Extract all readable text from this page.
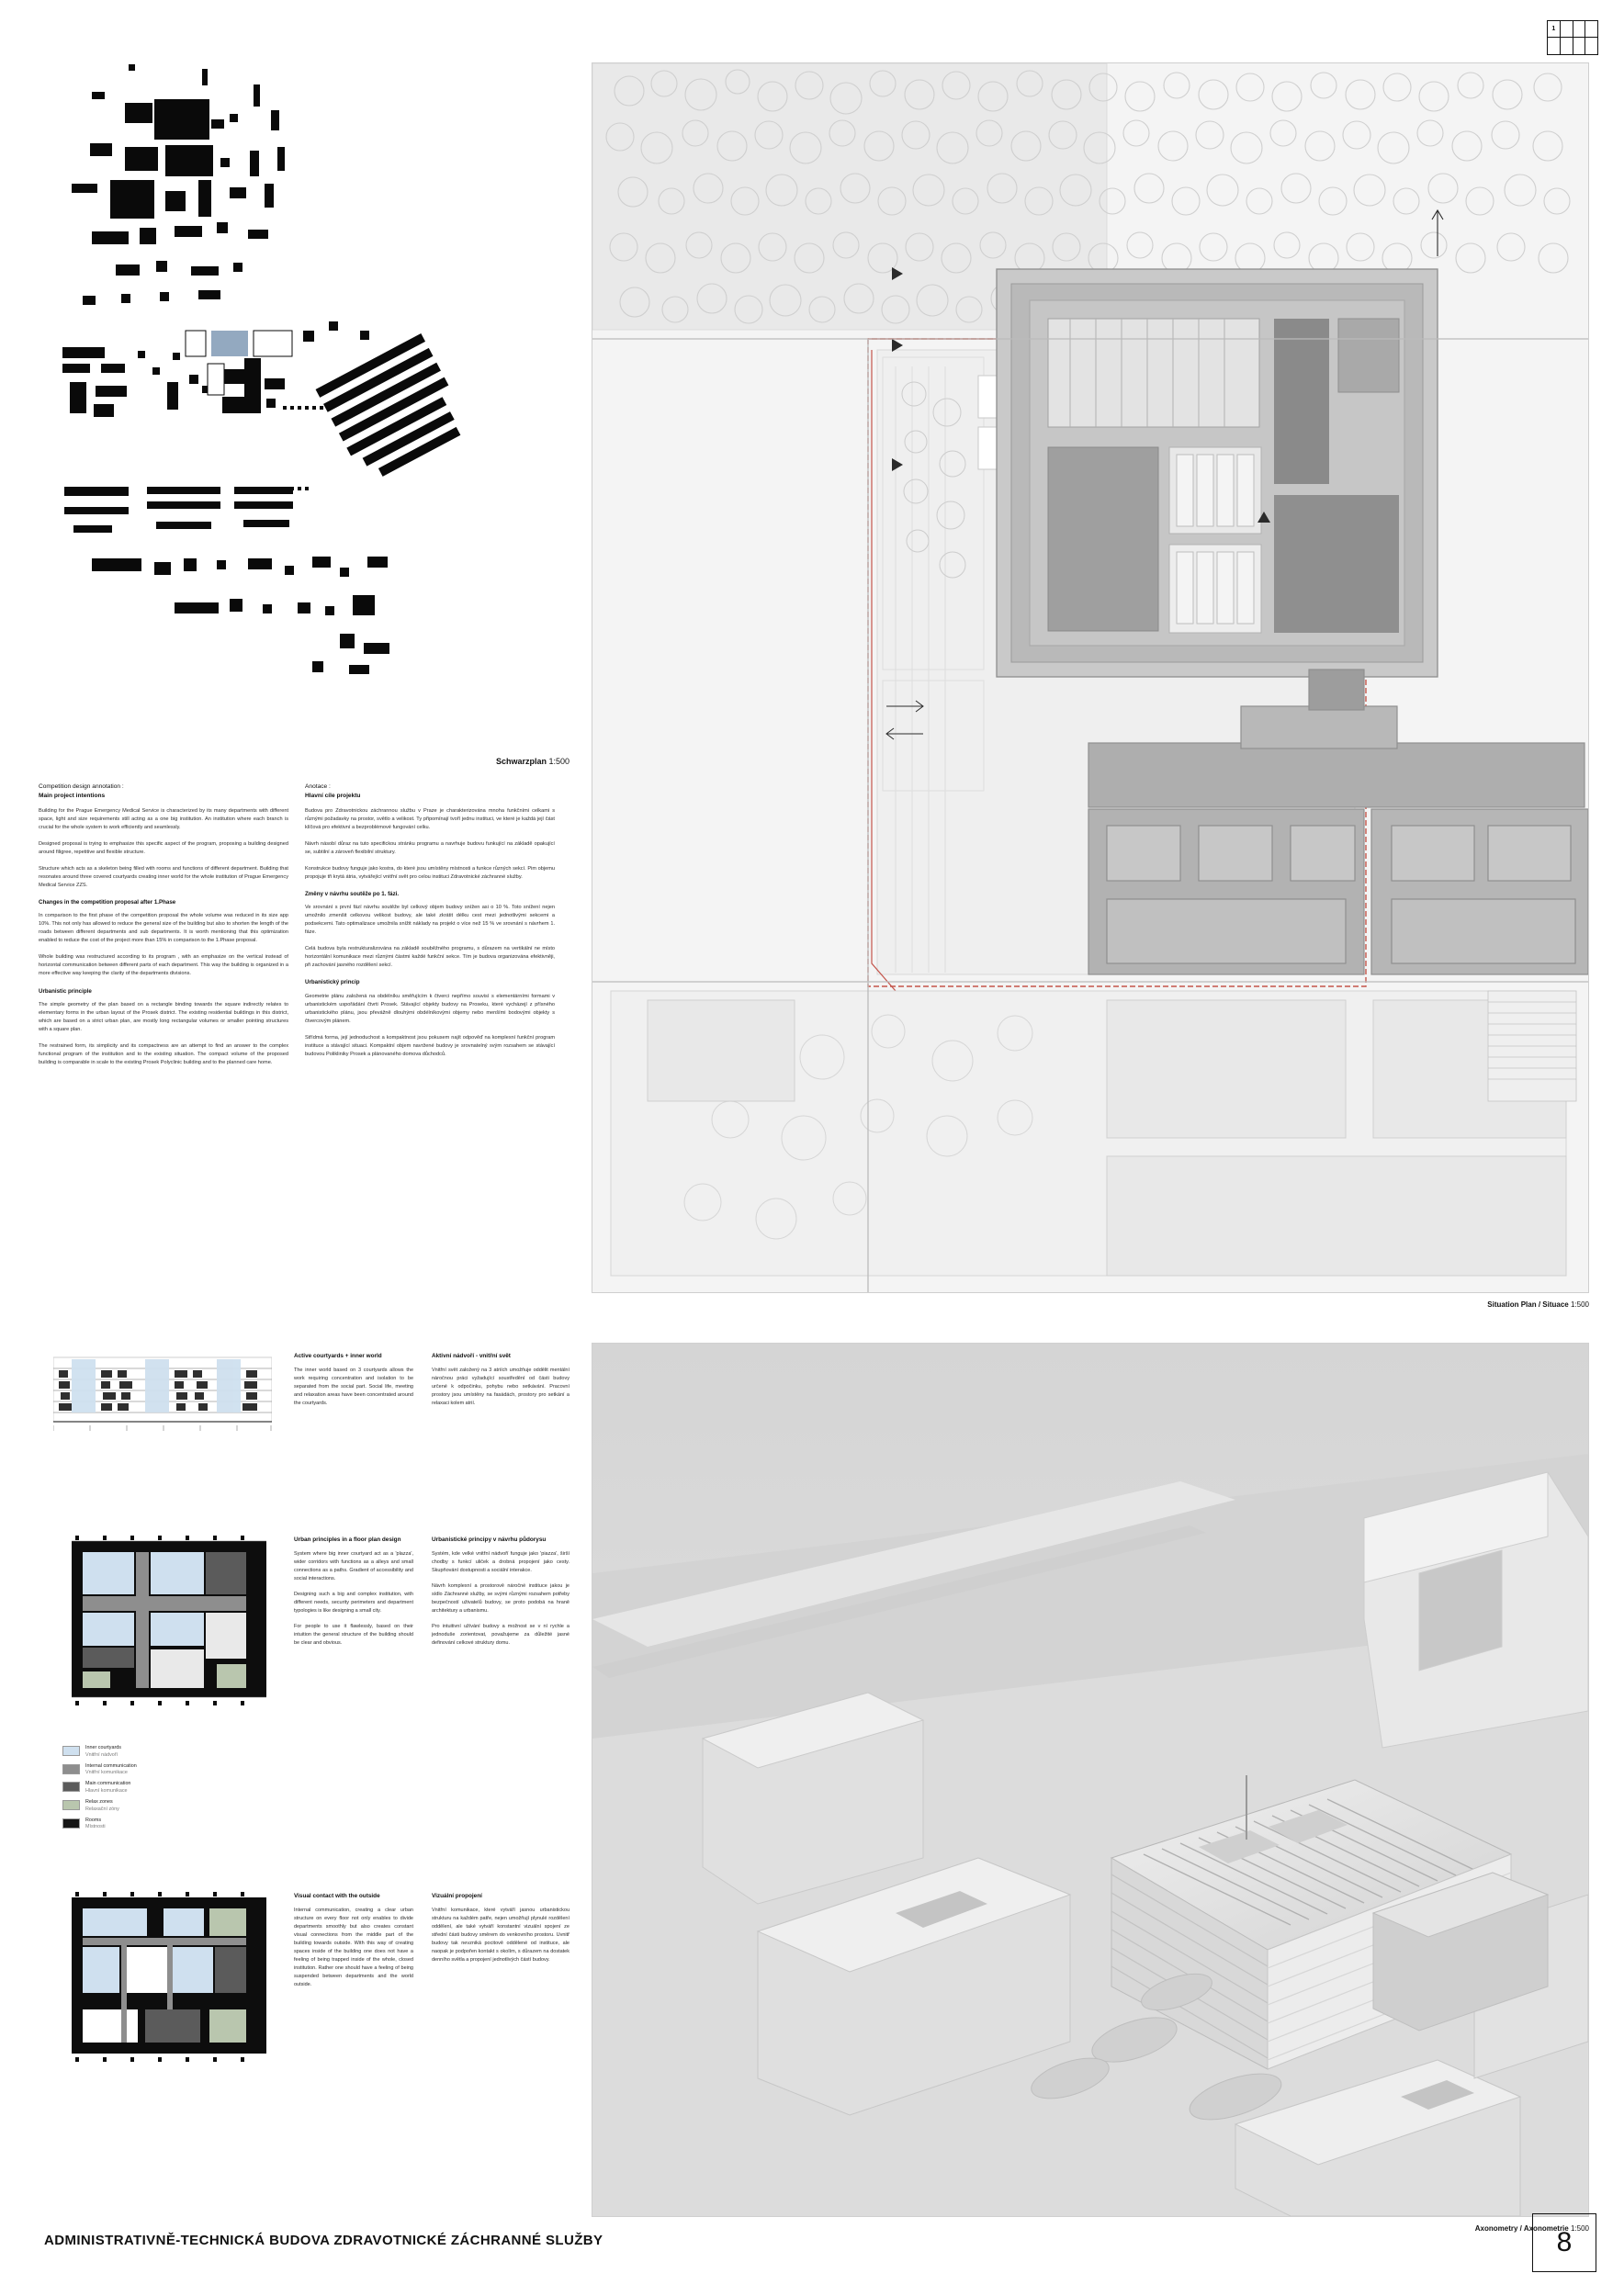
1
Schwarzplan 1:500
Competition design annotation :
Main project intentions

Building for the Prague Emergency Medical Service is characterized by its many departments with different space, light and size requirements still acting as a one big institution. An institution where each branch is crucial for the whole system to work efficiently and seamlessly.

Designed proposal is trying to emphasize this specific aspect of the program, proposing a building designed around filigree, repetitive and flexible structure.

Structure which acts as a skeleton being filled with rooms and functions of different department. Building that resonates around three covered courtyards creating inner world for the whole institution of Prague Emergency Medical Service ZZS.

Changes in the competition proposal after 1.Phase

In comparison to the first phase of the competition proposal the whole volume was reduced in its size app 10%. This not only has allowed to reduce the general size of the building but also to shorten the length of the roads between different departments and sub departments. It is worth mentioning that this optimization enabled to reduce the cost of the project more than 15% in comparison to the 1.Phase proposal.

Whole building was restructured according to its program , with an emphasize on the vertical instead of horizontal communication between different parts of each department. This way the building is organized in a more effective way keeping the clarity of the departments divisions.

Urbanistic principle

The simple geometry of the plan based on a rectangle binding towards the square indirectly relates to elementary forms in the urban layout of the Prosek district. The existing residential buildings in this district, which are based on a strict urban plan, are mostly long rectangular volumes or smaller pointing structures with a square plan.

The restrained form, its simplicity and its compactness are an attempt to find an answer to the complex functional program of the institution and to the existing situation. The compact volume of the proposed building is comparable in scale to the existing Prosek Polyclinic building and to the planned care home.

Anotace :
Hlavní cíle projektu

Budova pro Zdravotnickou záchrannou službu v Praze je charakterizována mnoha funkčními celkami s různými požadavky na prostor, světlo a velikost. Ty připomínají tvoří jednu instituci, ve které je každá její část klíčová pro efektivní a bezproblémové fungování celku.

Návrh násobí důraz na tuto specifickou stránku programu a navrhuje budovu funkující na základě opakující se, subtilní a zároveň flexibilní struktury.

Konstrukce budovy funguje jako kostra, do které jsou umístěny místnosti a funkce různých sekcí. Pim objemu propojuje tři krytá átria, vytvářející vnitřní svět pro celou instituci Zdravotnické záchranné služby.

Změny v návrhu soutěže po 1. fázi.

Ve srovnání s první fází návrhu soutěže byl celkový objem budovy snížen asi o 10 %. Toto snížení nejen umožnilo zmenšit celkovou velikost budovy, ale také zkrátit délku cest mezi jednotlivými sekcemi a podsekcemi. Tato optimalizace umožnila snížit náklady na projekt o více než 15 % ve srovnání s návrhem 1. fáze.

Celá budova byla restrukturalizována na základě souběžného programu, s důrazem na vertikální ne místo horizontální komunikace mezi různými částmi každé funkční sekce. Tím je budova organizována efektivněji, při zachování jasného rozdělení sekcí.

Urbanistický princip

Geometrie plánu založená na obdélníku směřujícím k čtverci nepřímo souvisí s elementárními formami v urbanistickém uspořádání čtvrti Prosek. Stávající objekty budovy na Proseku, které vycházejí z přísného urbanistického plánu, jsou převážně dlouhými obdélníkovými objemy nebo menšími bodovými objekty s čtvercovým plánem.

Střídmá forma, její jednoduchost a kompaktnost jsou pokusem najít odpověď na komplexní funkční program instituce a stávající situaci. Kompaktní objem navržené budovy je srovnatelný svým rozsahem se stávající budovou Polikliniky Prosek a plánovaného domova důchodců.

Situation Plan / Situace 1:500

Active courtyards + inner world

The inner world based on 3 courtyards allows the work requiring concentration and isolation to be separated from the social part. Social life, meeting and relaxation areas have been concentrated around the courtyards.

Aktivní nádvoří - vnitřní svět

Vnitřní svět založený na 3 atriích umožňuje oddělit mentální náročnou práci vyžadující soustředění od části budovy určené k odpočinku, pohybu nebo setkávání. Pracovní prostory jsou umístěny na fasádách, prostory pro setkání a relaxaci kolem atrií.

Inner courtyards
Vnitřní nádvoří
Internal communication
Vnitřní komunikace
Main communication
Hlavní komunikace
Relax zones
Relaxační zóny
Rooms
Místnosti

Urban principles in a floor plan design

System where big inner courtyard act as a 'plazza', wider corridors with functions as a alleys and small connections as a paths. Gradient of accessibility and social interactions.

Designing such a big and complex institution, with different needs, security perimeters and department typologies is like designing a small city.

For people to use it flawlessly, based on their intuition the general structure of the building should be clear and obvious.

Urbanistické principy v návrhu půdorysu

Systém, kde velké vnitřní nádvoří funguje jako 'piazza', širší chodby s funkcí uliček a drobná propojení jako cesty. Skupňování dostupnosti a sociální interakce.

Návrh komplexní a prostorově náročné instituce jakou je sídlo Záchranné služby, se svými různými rozsahem potřeby bezpečností uživatelů budovy, se proto podobá na hraně architektury a urbanismu.

Pro intuitivní užívání budovy a možnost se v ní rychle a jednoduše zorientovat, považujeme za důležité jasné definování celkové struktury domu.

Visual contact with the outside

Internal communication, creating a clear urban structure on every floor not only enables to divide departments smoothly but also creates constant visual connections from the middle part of the building towards outside. With this way of creating spaces inside of the building one does not have a feeling of being trapped inside of the whole, closed institution. Rather one should have a feeling of being suspended between departments and the world outside.

Vizuální propojení

Vnitřní komunikace, které vytváří jasnou urbanistickou strukturu na každém patře, nejen umožňují plynulé rozdělení oddělení, ale také vytváří konstantní vizuální spojení ze střední části budovy směrem do venkovního prostoru. Uvnitř budovy tak nevzniká pocitově oddělené od instituce, ale naopak je podpořen kontakt s okolím, s důrazem na dostatek denního světla a propojení jednotlivých částí budovy.

Axonometry / Axonometrie 1:500
ADMINISTRATIVNĚ-TECHNICKÁ BUDOVA ZDRAVOTNICKÉ ZÁCHRANNÉ SLUŽBY	8
